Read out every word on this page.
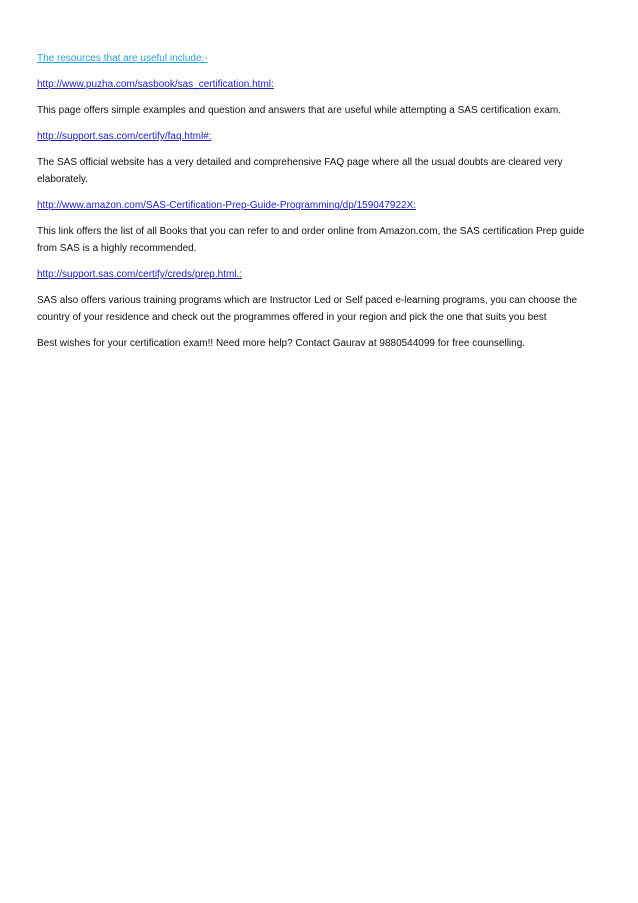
The resources that are useful include:-

http://www.puzha.com/sasbook/sas_certification.html:

This page offers simple examples and question and answers that are useful while attempting a SAS certification exam.

http://support.sas.com/certify/faq.html#:

The SAS official website has a very detailed and comprehensive FAQ page where all the usual doubts are cleared very elaborately.

http://www.amazon.com/SAS-Certification-Prep-Guide-Programming/dp/159047922X:

This link offers the list of all Books that you can refer to and order online from Amazon.com, the SAS certification Prep guide from SAS is a highly recommended.

http://support.sas.com/certify/creds/prep.html.:

SAS also offers various training programs which are Instructor Led or Self paced e-learning programs, you can choose the country of your residence and check out the programmes offered in your region and pick the one that suits you best

Best wishes for your certification exam!! Need more help? Contact Gaurav at 9880544099 for free counselling.
